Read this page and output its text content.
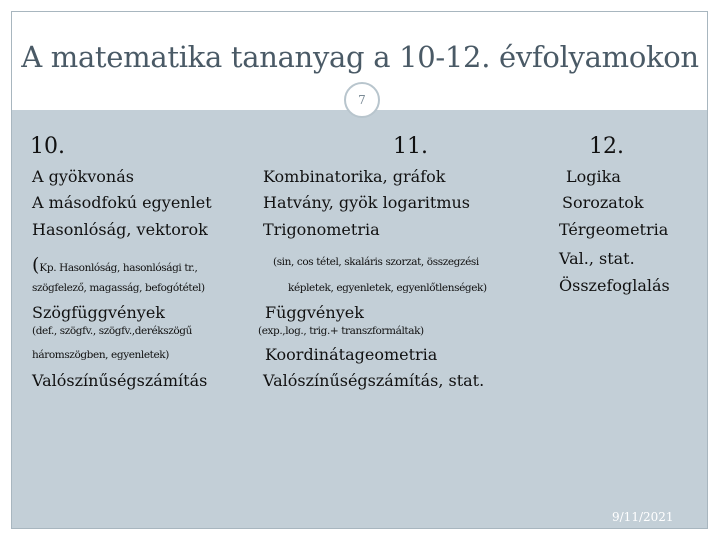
A matematika tananyag a 10-12. évfolyamokon
7
10.
A gyökvonás
A másodfokú egyenlet
Hasonlóság, vektorok
(Kp. Hasonlóság, hasonlósági tr.,
szögfelező, magasság, befogótétel)
Szögfüggvények
(def., szögfv., szögfv.,derékszögű
háromszögben, egyenletek)
Valószínűségszámítás
11.
Kombinatorika, gráfok
Hatvány, gyök logaritmus
Trigonometria
(sin, cos tétel, skaláris szorzat, összegzési
képletek, egyenletek, egyenlőtlenségek)
Függvények
(exp.,log., trig.+ transzformáltak)
Koordinátageometria
Valószínűségszámítás, stat.
12.
Logika
Sorozatok
Térgeometria
Val., stat.
Összefoglalás
9/11/2021
